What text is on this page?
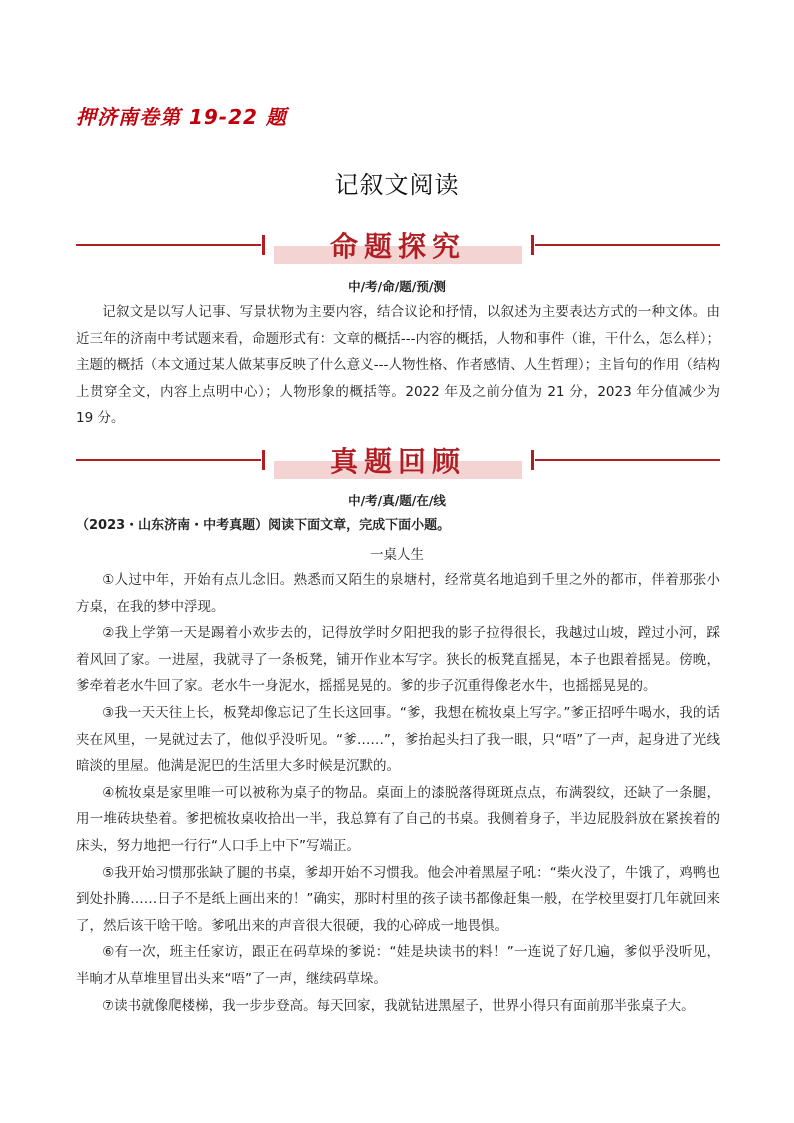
押济南卷第 19-22 题
记叙文阅读
命题探究
中/考/命/题/预/测
记叙文是以写人记事、写景状物为主要内容，结合议论和抒情，以叙述为主要表达方式的一种文体。由近三年的济南中考试题来看，命题形式有：文章的概括---内容的概括，人物和事件（谁，干什么，怎么样）；主题的概括（本文通过某人做某事反映了什么意义---人物性格、作者感情、人生哲理）；主旨句的作用（结构上贯穿全文，内容上点明中心）；人物形象的概括等。2022 年及之前分值为 21 分，2023 年分值减少为 19 分。
真题回顾
中/考/真/题/在/线
（2023・山东济南・中考真题）阅读下面文章，完成下面小题。
一桌人生
①人过中年，开始有点儿念旧。熟悉而又陌生的泉塘村，经常莫名地追到千里之外的都市，伴着那张小方桌，在我的梦中浮现。
②我上学第一天是踢着小欢步去的，记得放学时夕阳把我的影子拉得很长，我越过山坡，蹚过小河，踩着风回了家。一进屋，我就寻了一条板凳，铺开作业本写字。狭长的板凳直摇晃，本子也跟着摇晃。傍晚，爹牵着老水牛回了家。老水牛一身泥水，摇摇晃晃的。爹的步子沉重得像老水牛，也摇摇晃晃的。
③我一天天往上长，板凳却像忘记了生长这回事。“爹，我想在梳妆桌上写字。”爹正招呼牛喝水，我的话夹在风里，一晃就过去了，他似乎没听见。“爹……”，爹抬起头扫了我一眼，只“唔”了一声，起身进了光线暗淡的里屋。他满是泥巴的生活里大多时候是沉默的。
④梳妆桌是家里唯一可以被称为桌子的物品。桌面上的漆脱落得斑斑点点，布满裂纹，还缺了一条腿，用一堆砖块垫着。爹把梳妆桌收拾出一半，我总算有了自己的书桌。我侧着身子，半边屁股斜放在紧挨着的床头，努力地把一行行“人口手上中下”写端正。
⑤我开始习惯那张缺了腿的书桌，爹却开始不习惯我。他会冲着黑屋子吼：“柴火没了，牛饿了，鸡鸭也到处扑腾……日子不是纸上画出来的！”确实，那时村里的孩子读书都像赶集一般，在学校里耍打几年就回来了，然后该干啥干啥。爹吼出来的声音很大很硬，我的心碎成一地畏惧。
⑥有一次，班主任家访，跟正在码草垛的爹说：“娃是块读书的料！”一连说了好几遍，爹似乎没听见，半晌才从草堆里冒出头来“唔”了一声，继续码草垛。
⑦读书就像爬楼梯，我一步步登高。每天回家，我就钻进黑屋子，世界小得只有面前那半张桌子大。
